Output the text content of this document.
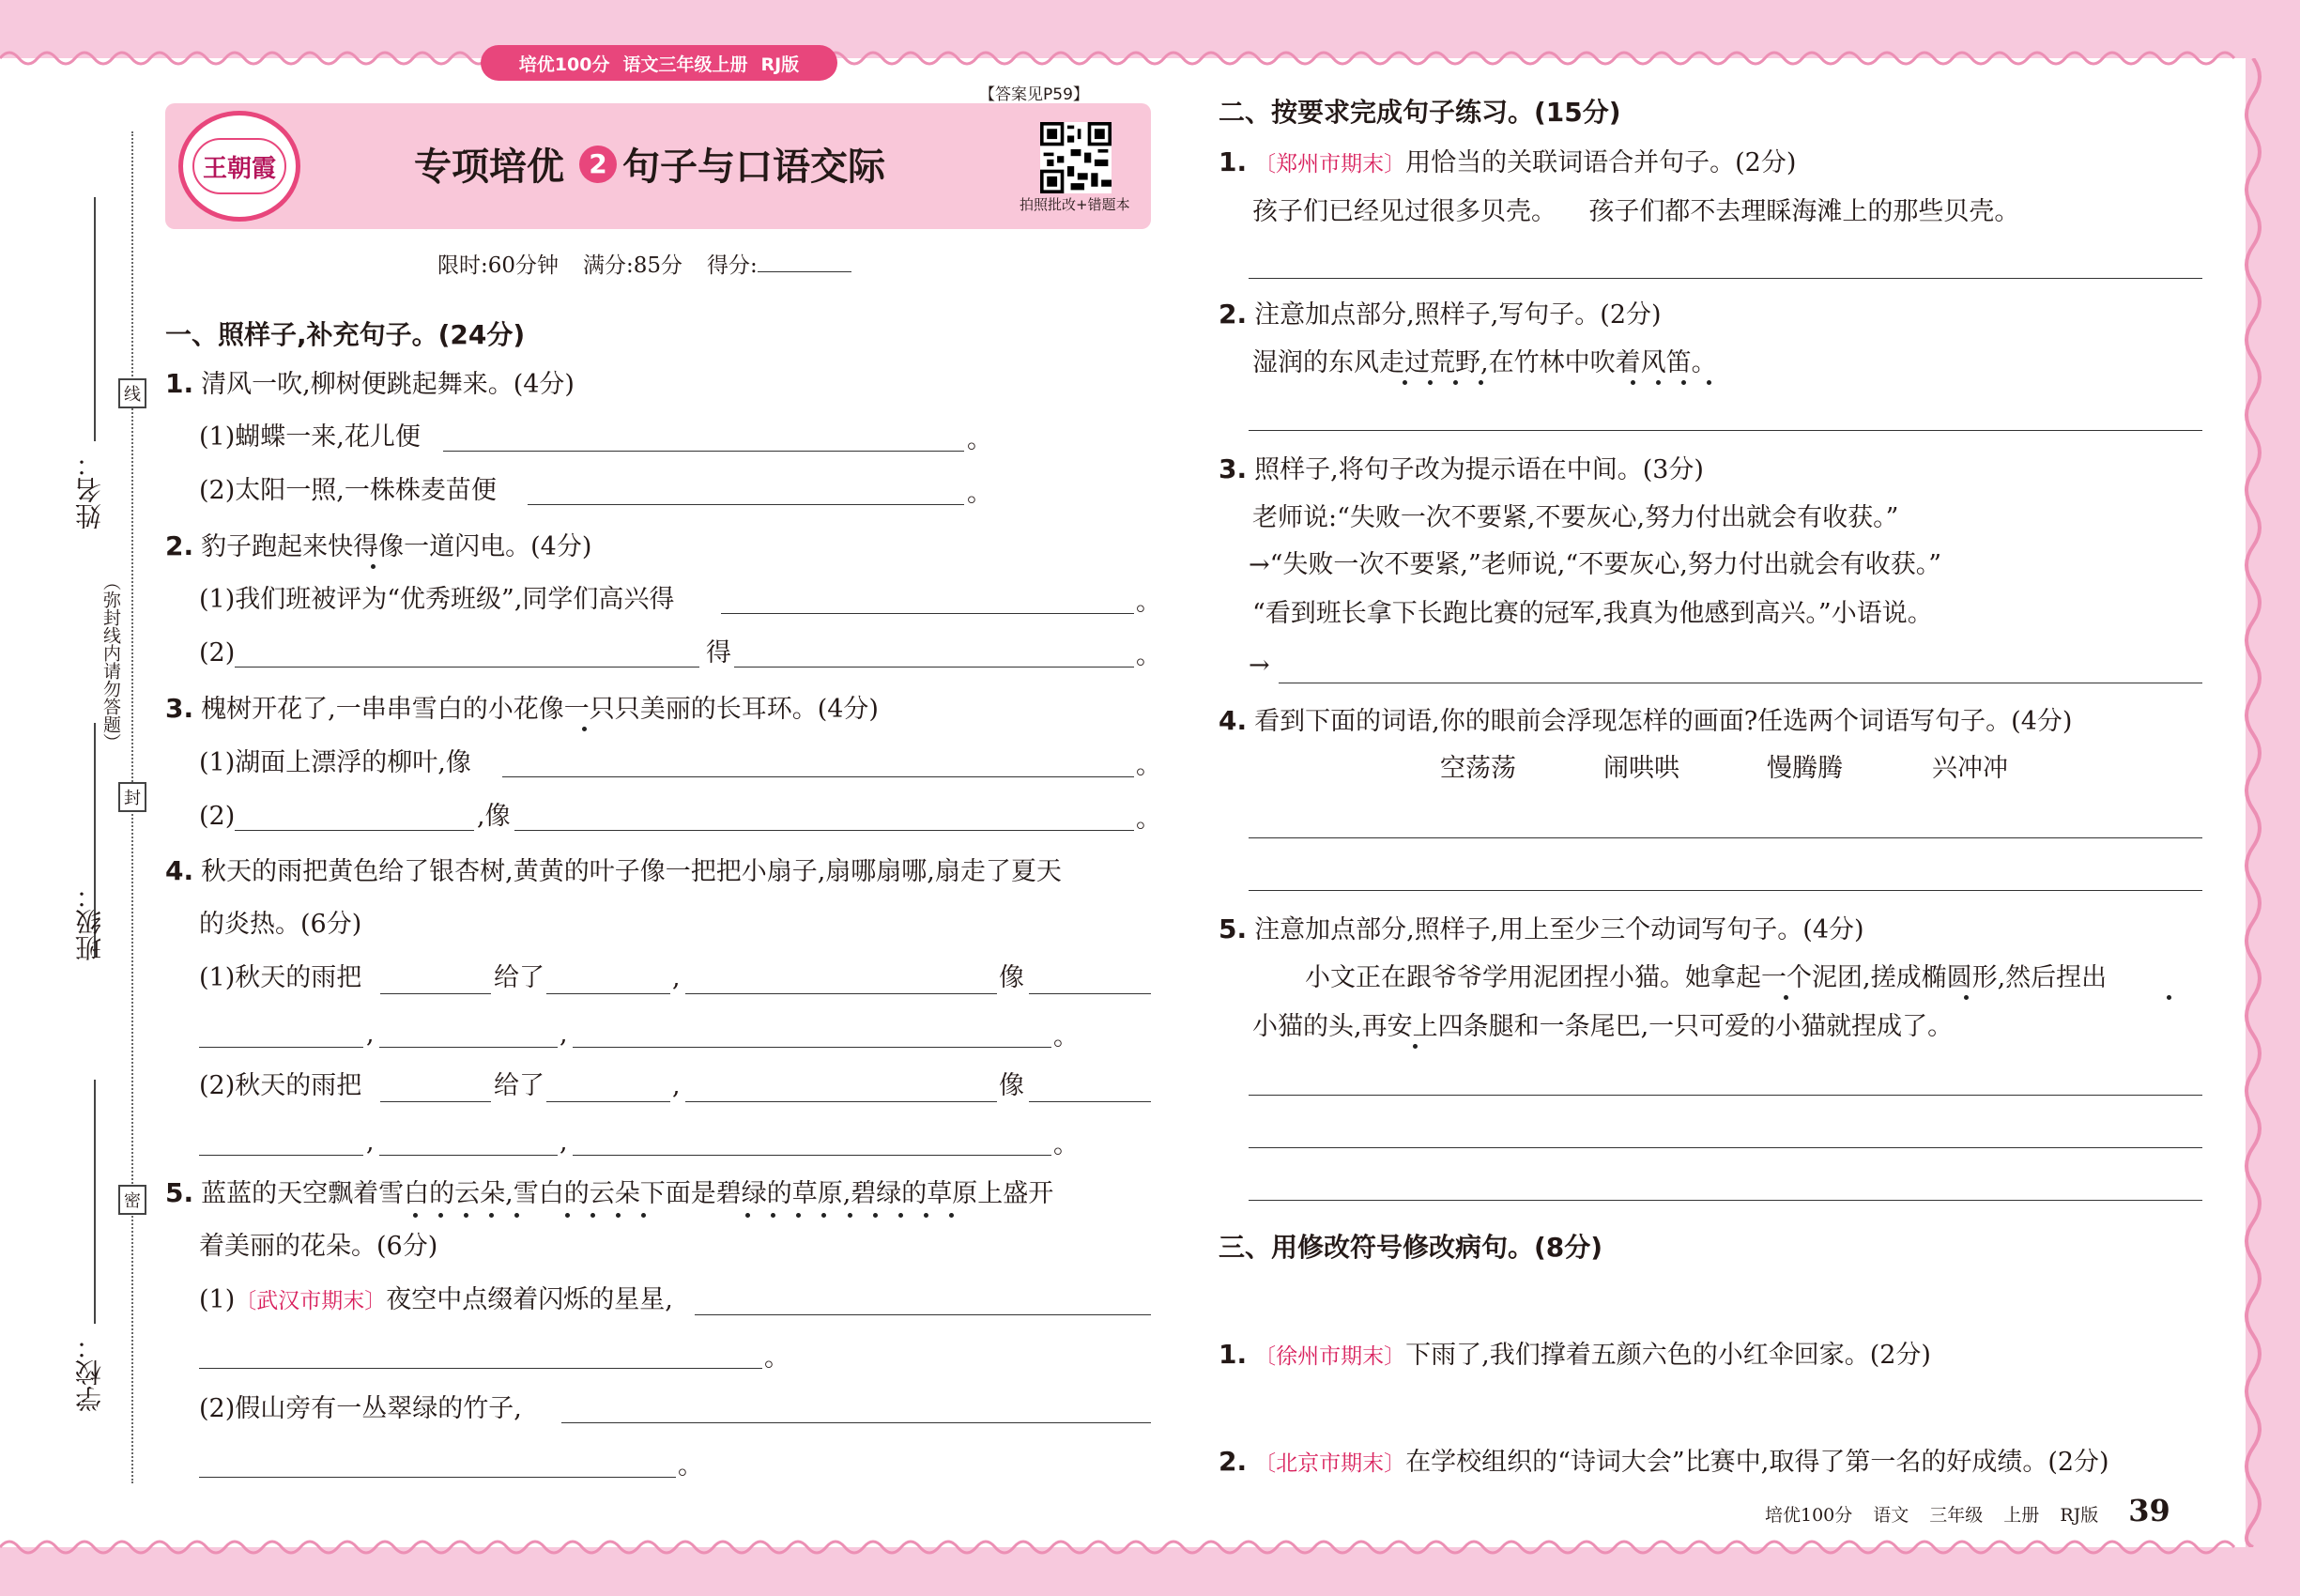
培优100分 语文三年级上册 RJ版
姓名：
班级：
学校：
线
封
密
（弥封线内请勿答题）
王朝霞	专项培优 2 句子与口语交际
【答案见P59】
拍照批改+错题本
限时:60分钟 满分:85分 得分:
一、照样子,补充句子。(24分)
1. 清风一吹,柳树便跳起舞来。(4分)
(1)蝴蝶一来,花儿便	。
(2)太阳一照,一株株麦苗便	。
2. 豹子跑起来快得像一道闪电。(4分)
(1)我们班被评为“优秀班级”,同学们高兴得	。
(2)	得	。
3. 槐树开花了,一串串雪白的小花像一只只美丽的长耳环。(4分)
(1)湖面上漂浮的柳叶,像	。
(2)	,像	。
4. 秋天的雨把黄色给了银杏树,黄黄的叶子像一把把小扇子,扇哪扇哪,扇走了夏天
的炎热。(6分)
(1)秋天的雨把	给了	,	像
,	,	。
(2)秋天的雨把	给了	,	像
,	,	。
5. 蓝蓝的天空飘着雪白的云朵,雪白的云朵下面是碧绿的草原,碧绿的草原上盛开
着美丽的花朵。(6分)
(1)〔武汉市期末〕夜空中点缀着闪烁的星星,
。
(2)假山旁有一丛翠绿的竹子,
。
二、按要求完成句子练习。(15分)
1. 〔郑州市期末〕用恰当的关联词语合并句子。(2分)
孩子们已经见过很多贝壳。    孩子们都不去理睬海滩上的那些贝壳。
2. 注意加点部分,照样子,写句子。(2分)
湿润的东风走过荒野,在竹林中吹着风笛。
3. 照样子,将句子改为提示语在中间。(3分)
老师说:“失败一次不要紧,不要灰心,努力付出就会有收获。”
→“失败一次不要紧,”老师说,“不要灰心,努力付出就会有收获。”
“看到班长拿下长跑比赛的冠军,我真为他感到高兴。”小语说。
→
4. 看到下面的词语,你的眼前会浮现怎样的画面?任选两个词语写句子。(4分)
空荡荡	闹哄哄	慢腾腾	兴冲冲
5. 注意加点部分,照样子,用上至少三个动词写句子。(4分)
小文正在跟爷爷学用泥团捏小猫。她拿起一个泥团,搓成椭圆形,然后捏出
小猫的头,再安上四条腿和一条尾巴,一只可爱的小猫就捏成了。
三、用修改符号修改病句。(8分)
1. 〔徐州市期末〕下雨了,我们撑着五颜六色的小红伞回家。(2分)
2. 〔北京市期末〕在学校组织的“诗词大会”比赛中,取得了第一名的好成绩。(2分)
培优100分 语文 三年级 上册 RJ版 39
